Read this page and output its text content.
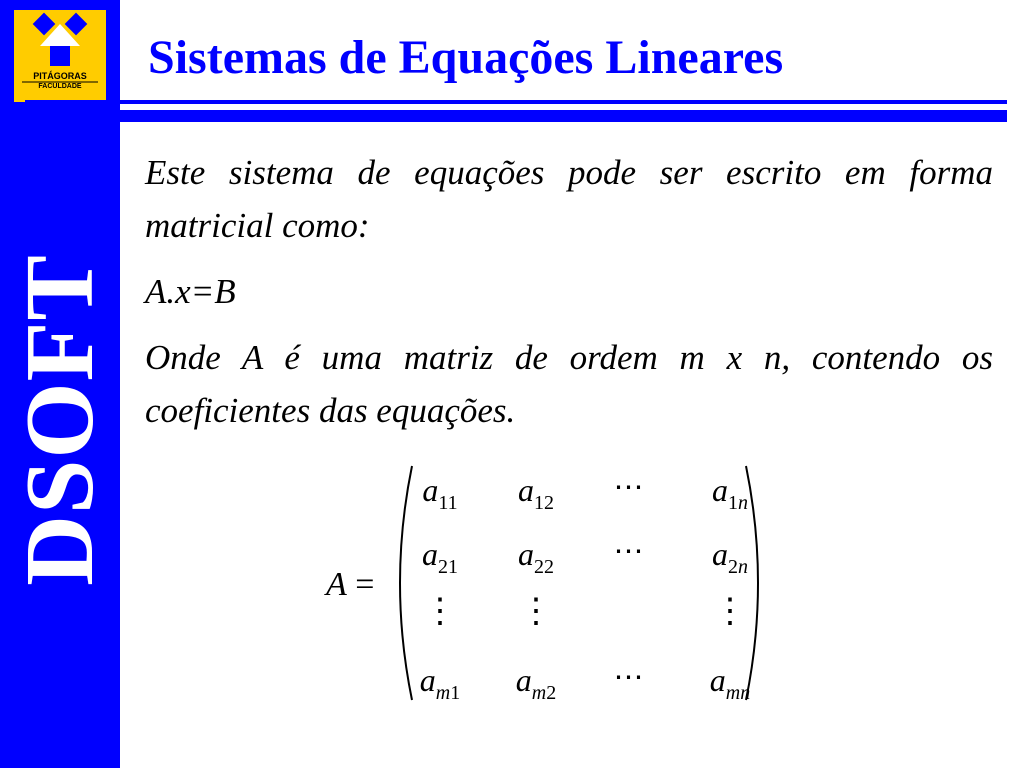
PITÁGORAS
FACULDADE
DSOFT
Sistemas de Equações Lineares

Este sistema de equações pode ser escrito em forma matricial como:

A.x=B

Onde A é uma matriz de ordem m x n, contendo os coeficientes das equações.

A =
$a_{11}$ $a_{12}$ ⋯ $a_{1n}$
$a_{21}$ $a_{22}$ ⋯ $a_{2n}$
⋮ ⋮	⋮
$a_{m1}$ $a_{m2}$ ⋯ $a_{mn}$
